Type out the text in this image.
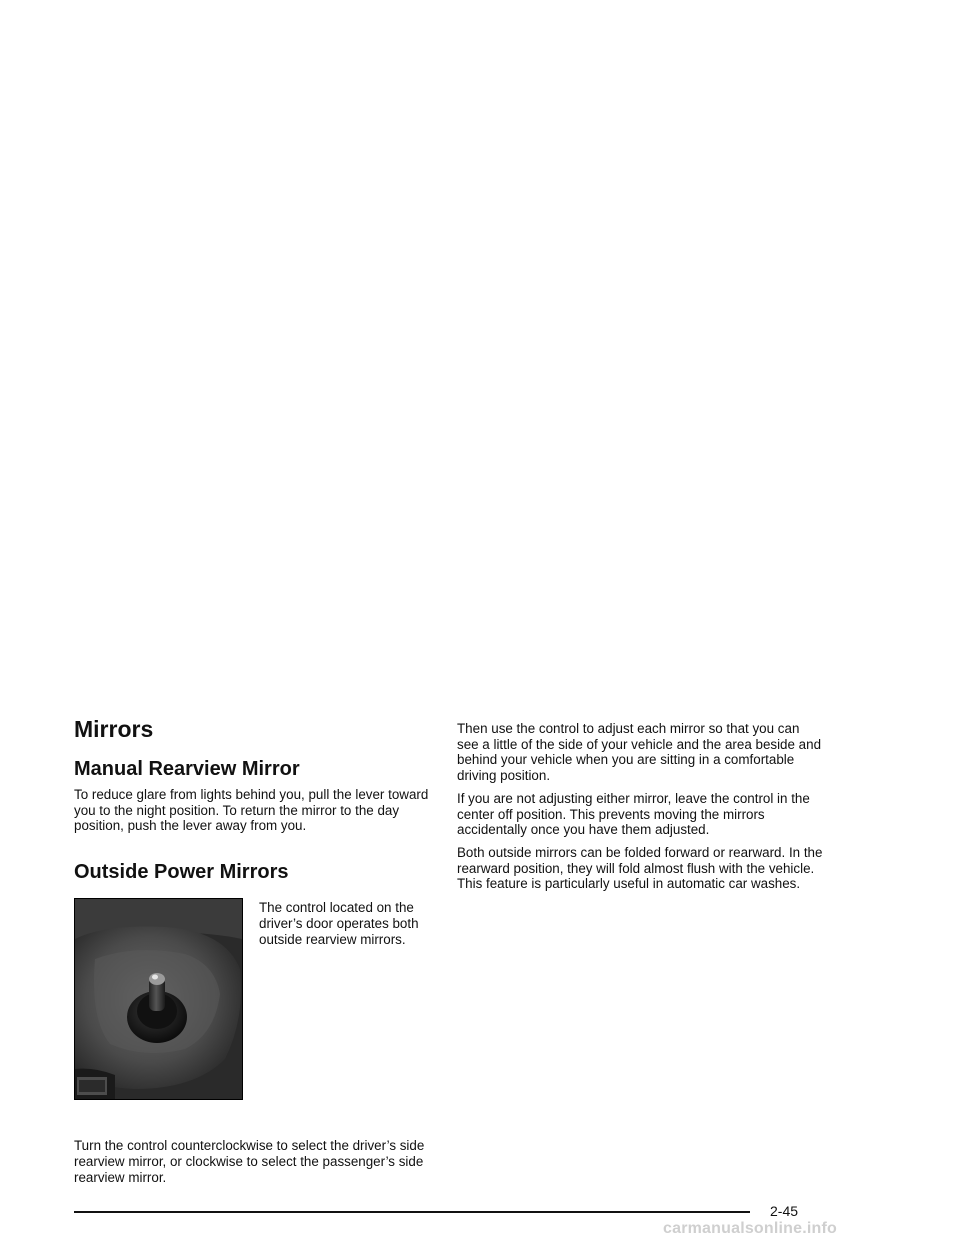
Mirrors
Manual Rearview Mirror

To reduce glare from lights behind you, pull the lever toward you to the night position. To return the mirror to the day position, push the lever away from you.

Outside Power Mirrors

The control located on the driver’s door operates both outside rearview mirrors.

Turn the control counterclockwise to select the driver’s side rearview mirror, or clockwise to select the passenger’s side rearview mirror.

Then use the control to adjust each mirror so that you can see a little of the side of your vehicle and the area beside and behind your vehicle when you are sitting in a comfortable driving position.

If you are not adjusting either mirror, leave the control in the center off position. This prevents moving the mirrors accidentally once you have them adjusted.

Both outside mirrors can be folded forward or rearward. In the rearward position, they will fold almost flush with the vehicle. This feature is particularly useful in automatic car washes.

2-45
carmanualsonline.info
